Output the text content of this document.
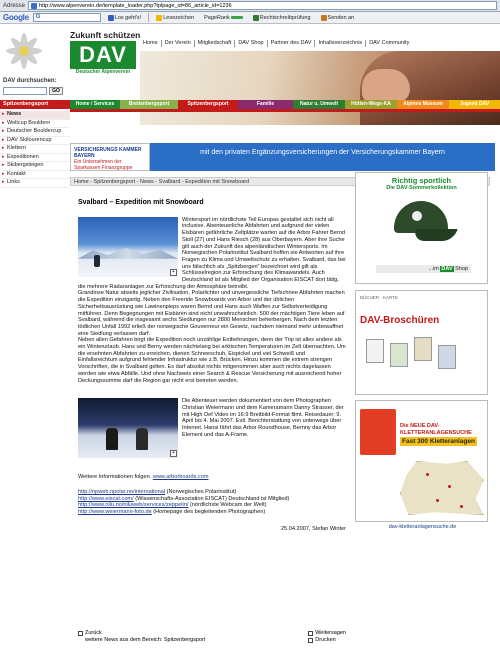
Adresse	http://www.alpenverein.de/template_loader.php?tplpage_id=86_article_id=1236
Google
G	Los geht's!	Lesezeichen PageRank	Rechtschreibprüfung	Senden an
DAV durchsuchen:
GO
Zukunft schützen
DAV
Deutscher Alpenverein
Home	Der Verein	Mitgliedschaft	DAV Shop	Partner des DAV	Inhaltsverzeichnis	DAV Community
Home / Services	Breitenbergsport	Spitzenbergsport	Familie	Natur u. Umwelt	Hütten-Wege-KA	Alpines Museum	Jugend DAV
Spitzenbergsport
▸ News
▸ Weltcup Bouldern
▸ Deutscher Bouldercup
▸ DAV Skitourencup
▸ Klettern
▸ Expeditionen
▸ Skibergsteigen
▸ Kontakt
▸ Links
VERSICHERUNGS KAMMER BAYERN
Ein Unternehmen der Sparkassen Finanzgruppe
mit den privaten Ergänzungsversicherungen der Versicherungskammer Bayern
Home - Spitzenbergsport - News - Svalbard - Expedition mit Snowboard
Svalbard – Expedition mit Snowboard
+
Wintersport im nördlichste Teil Europas gestaltet sich nicht all inclusive. Abenteuerliche Abfahrten und aufgrund der vielen Eisbären gefährliche Zeltplätze warten auf die Arbor Fahrer Bernd Stoll (27) und Hans Riesch (28) aus Oberbayern. Aber ihre Suche gilt auch der Zukunft des alpenländischen Wintersports. Im Norwegischen Polarinstitut Svalbard hoffen sie Antworten auf ihre Fragen zu Klima und Umweltschutz zu erhalten. Svalbard, das bei uns fälschlich als „Spitzbergen" bezeichnet wird gilt als Schlüsselregion zur Erforschung des Klimawandels. Auch Deutschland ist als Mitglied der Organisation EISCAT dort tätig, die mehrere Radaranlagen zur Erforschung der Atmosphäre betreibt.
Grandiose Natur abseits jeglicher Zivilisation, Polarlichter und unvergessliche Tiefschnee Abfahrten machen die Expedition einzigartig. Neben den Freeride Snowboards von Arbor und der üblichen Sicherheitsausrüstung wie Lawinenpieps waren Bernd und Hans auch Waffen zur Selbstverteidigung mitführen. Denn Begegnungen mit Eisbären sind nicht unwahrscheinlich. 500 der mächtigen Tiere leben auf Svalbard, während die insgesamt sechs Siedlungen nur 2800 Menschen beherbergen. Nach dem letzten tödlichen Unfall 1992 erließ der norwegische Gouverneur ein Gesetz, nachdem niemand mehr unbewaffnet eine Siedlung verlassen darf.
Neben allen Gefahren birgt die Expedition noch unzählige Entbehrungen, denn der Trip ist alles andere als ein Winterurlaub. Hans und Berny werden nächtelang bei arktischen Temperaturen im Zelt übernachten. Um die ersehnten Abfahrten zu erreichen, dienen Schneeschuh, Eispickel und viel Schweiß und Einfallsreichtum aufgrund fehlender Infrastruktur wie z.B. Brücken. Hinzu kommen die extrem strengen Vorschriften, die in Svalbard gelten. Es darf absolut nichts mitgenommen aber auch nichts dagelassen werden wie etwa Abfälle. Und ohne Nachweis einer Search & Rescue Versicherung mit ausreichend hoher Deckungssumme darf die Region gar nicht erst betreten werden.
+
Die Abenteuer werden dokumentiert von dem Photographen Christian Weiermann und dem Kameramann Danny Strasser, der mit High Def Video im 16:9 Breitbild-Format filmt. Reisedauer: 9. April bis 4. Mai 2007. Evtl. Berichterstattung von unterwegs über Internet. Hansi fährt das Arbor Roundhouse, Bernny das Arbor Element und das A-Frame.
Weitere Informationen folgen. www.arborboards.com
http://npweb.npolar.no/international (Norwegisches Polarinstitut)
http://www.eiscat.com/ (Wissenschafts-Assoziation EISCAT) Deutschland ist Mitglied)
http://www.nilu.no/niluweb/services/zeppelin/ (nördlichste Webcam der Welt)
http://www.weiermann-foto.de (Homepage des begleitenden Photographen)
25.04.2007, Stefan Winter
Zurück
weitere News aus dem Bereich: Spitzenbergsport
Weitersagen
Drucken
Richtig sportlich
Die DAV-Sommerkollektion
...im DAV Shop
BÜCHER · KARTE
DAV-Broschüren
Die NEUE DAV-KLETTERANLAGENSUCHE
Fast 300 Kletteranlagen
dav-kletteranlagensuche.de
